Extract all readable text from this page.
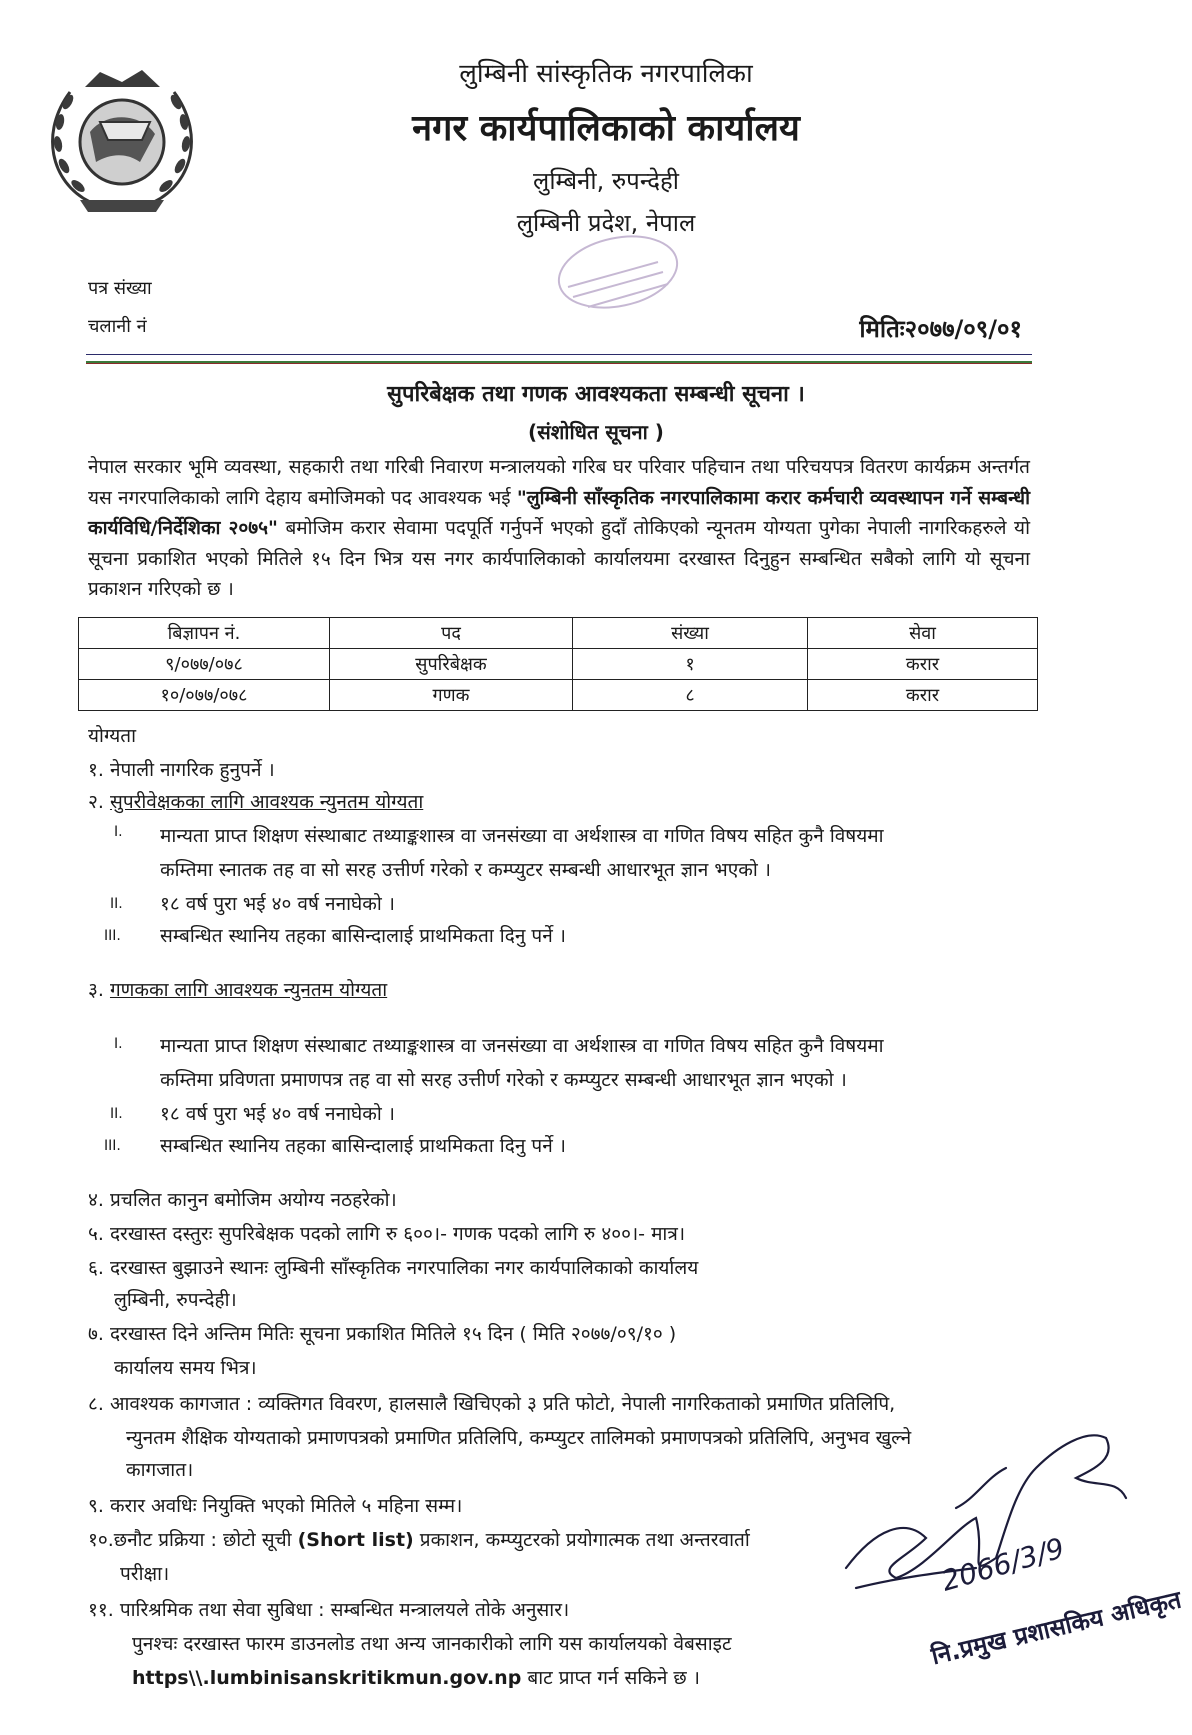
लुम्बिनी सांस्कृतिक नगरपालिका
नगर कार्यपालिकाको कार्यालय
लुम्बिनी, रुपन्देही
लुम्बिनी प्रदेश, नेपाल
पत्र संख्या
चलानी नं	मितिः२०७७/०९/०१
सुपरिबेक्षक तथा गणक आवश्यकता सम्बन्धी सूचना ।
(संशोधित सूचना )
नेपाल सरकार भूमि व्यवस्था, सहकारी तथा गरिबी निवारण मन्त्रालयको गरिब घर परिवार पहिचान तथा परिचयपत्र वितरण कार्यक्रम अन्तर्गत यस नगरपालिकाको लागि देहाय बमोजिमको पद आवश्यक भई "लुम्बिनी साँस्कृतिक नगरपालिकामा करार कर्मचारी व्यवस्थापन गर्ने सम्बन्धी कार्यविधि/निर्देशिका २०७५" बमोजिम करार सेवामा पदपूर्ति गर्नुपर्ने भएको हुदाँ तोकिएको न्यूनतम योग्यता पुगेका नेपाली नागरिकहरुले यो सूचना प्रकाशित भएको मितिले १५ दिन भित्र यस नगर कार्यपालिकाको कार्यालयमा दरखास्त दिनुहुन सम्बन्धित सबैको लागि यो सूचना प्रकाशन गरिएको छ ।
बिज्ञापन नं.	पद	संख्या	सेवा
९/०७७/०७८	सुपरिबेक्षक	१	करार
१०/०७७/०७८	गणक	८	करार
योग्यता
१. नेपाली नागरिक हुनुपर्ने ।
२. सुपरीवेक्षकका लागि आवश्यक न्युनतम योग्यता
I. मान्यता प्राप्त शिक्षण संस्थाबाट तथ्याङ्कशास्त्र वा जनसंख्या वा अर्थशास्त्र वा गणित विषय सहित कुनै विषयमा
कम्तिमा स्नातक तह वा सो सरह उत्तीर्ण गरेको र कम्प्युटर सम्बन्धी आधारभूत ज्ञान भएको ।
II. १८ वर्ष पुरा भई ४० वर्ष ननाघेको ।
III. सम्बन्धित स्थानिय तहका बासिन्दालाई प्राथमिकता दिनु पर्ने ।
३. गणकका लागि आवश्यक न्युनतम योग्यता
I. मान्यता प्राप्त शिक्षण संस्थाबाट तथ्याङ्कशास्त्र वा जनसंख्या वा अर्थशास्त्र वा गणित विषय सहित कुनै विषयमा
कम्तिमा प्रविणता प्रमाणपत्र तह वा सो सरह उत्तीर्ण गरेको र कम्प्युटर सम्बन्धी आधारभूत ज्ञान भएको ।
II. १८ वर्ष पुरा भई ४० वर्ष ननाघेको ।
III. सम्बन्धित स्थानिय तहका बासिन्दालाई प्राथमिकता दिनु पर्ने ।
४. प्रचलित कानुन बमोजिम अयोग्य नठहरेको।
५. दरखास्त दस्तुरः सुपरिबेक्षक पदको लागि रु ६००।- गणक पदको लागि रु ४००।- मात्र।
६. दरखास्त बुझाउने स्थानः लुम्बिनी साँस्कृतिक नगरपालिका नगर कार्यपालिकाको कार्यालय
लुम्बिनी, रुपन्देही।
७. दरखास्त दिने अन्तिम मितिः सूचना प्रकाशित मितिले १५ दिन ( मिति २०७७/०९/१० )
कार्यालय समय भित्र।
८. आवश्यक कागजात : व्यक्तिगत विवरण, हालसालै खिचिएको ३ प्रति फोटो, नेपाली नागरिकताको प्रमाणित प्रतिलिपि,
न्युनतम शैक्षिक योग्यताको प्रमाणपत्रको प्रमाणित प्रतिलिपि, कम्प्युटर तालिमको प्रमाणपत्रको प्रतिलिपि, अनुभव खुल्ने
कागजात।
९. करार अवधिः नियुक्ति भएको मितिले ५ महिना सम्म।
१०.छनौट प्रक्रिया : छोटो सूची (Short list) प्रकाशन, कम्प्युटरको प्रयोगात्मक तथा अन्तरवार्ता
परीक्षा।
११. पारिश्रमिक तथा सेवा सुबिधा : सम्बन्धित मन्त्रालयले तोके अनुसार।
पुनश्चः दरखास्त फारम डाउनलोड तथा अन्य जानकारीको लागि यस कार्यालयको वेबसाइट
https\\.lumbinisanskritikmun.gov.np बाट प्राप्त गर्न सकिने छ ।
2066/3/9
नि.प्रमुख प्रशासकिय अधिकृत
